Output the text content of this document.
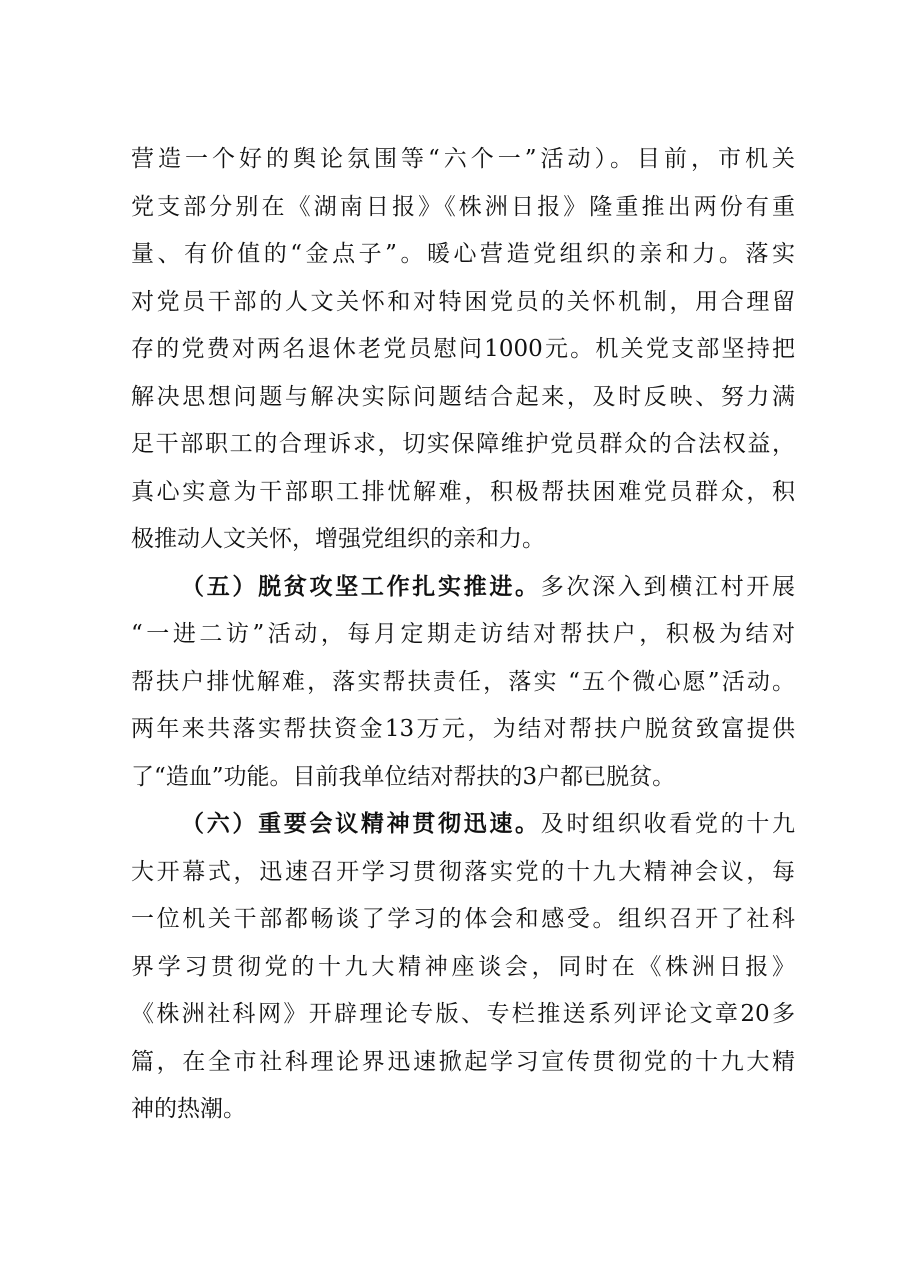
营造一个好的舆论氛围等“六个一”活动）。目前，市机关
党支部分别在《湖南日报》《株洲日报》隆重推出两份有重
量、有价值的“金点子”。暖心营造党组织的亲和力。落实
对党员干部的人文关怀和对特困党员的关怀机制，用合理留
存的党费对两名退休老党员慰问1000元。机关党支部坚持把
解决思想问题与解决实际问题结合起来，及时反映、努力满
足干部职工的合理诉求，切实保障维护党员群众的合法权益，
真心实意为干部职工排忧解难，积极帮扶困难党员群众，积
极推动人文关怀，增强党组织的亲和力。
（五）脱贫攻坚工作扎实推进。多次深入到横江村开展
“一进二访”活动，每月定期走访结对帮扶户，积极为结对
帮扶户排忧解难，落实帮扶责任，落实 “五个微心愿”活动。
两年来共落实帮扶资金13万元，为结对帮扶户脱贫致富提供
了“造血”功能。目前我单位结对帮扶的3户都已脱贫。
（六）重要会议精神贯彻迅速。及时组织收看党的十九
大开幕式，迅速召开学习贯彻落实党的十九大精神会议，每
一位机关干部都畅谈了学习的体会和感受。组织召开了社科
界学习贯彻党的十九大精神座谈会，同时在《株洲日报》
《株洲社科网》开辟理论专版、专栏推送系列评论文章20多
篇，在全市社科理论界迅速掀起学习宣传贯彻党的十九大精
神的热潮。
